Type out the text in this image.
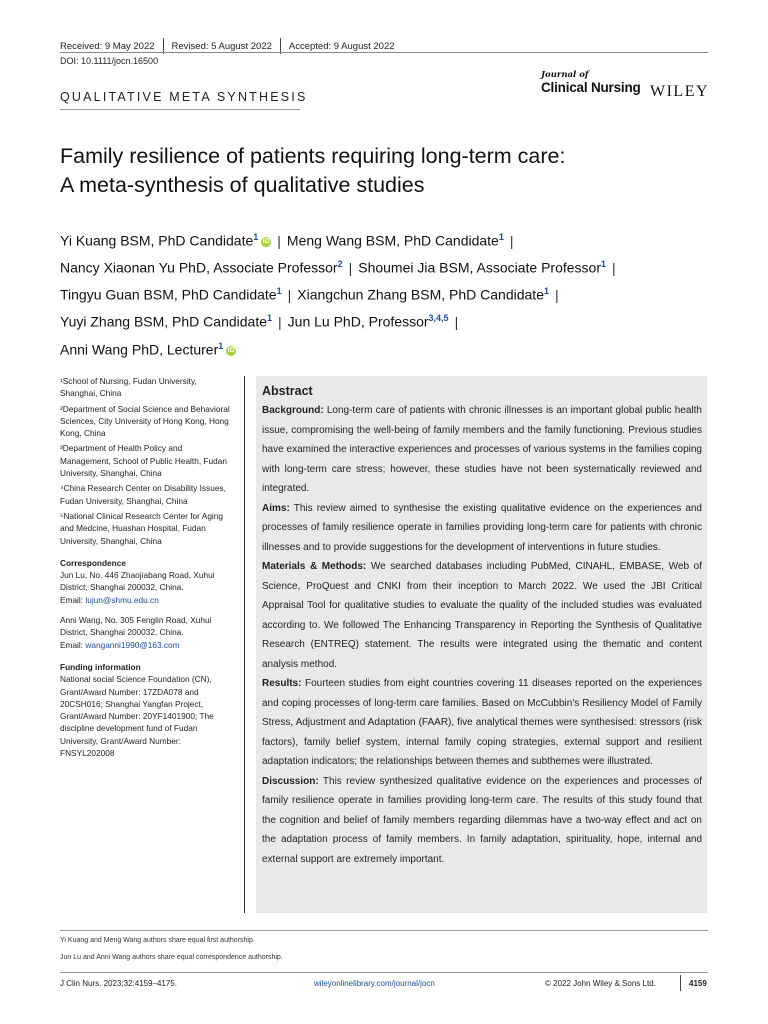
Received: 9 May 2022 Revised: 5 August 2022 Accepted: 9 August 2022
DOI: 10.1111/jocn.16500
QUALITATIVE META SYNTHESIS
Journal of
Clinical Nursing WILEY
Family resilience of patients requiring long-term care:
A meta-synthesis of qualitative studies
Yi Kuang BSM, PhD Candidate$^1$ iD | Meng Wang BSM, PhD Candidate$^1$ |
Nancy Xiaonan Yu PhD, Associate Professor$^2$ | Shoumei Jia BSM, Associate Professor$^1$ |
Tingyu Guan BSM, PhD Candidate$^1$ | Xiangchun Zhang BSM, PhD Candidate$^1$ |
Yuyi Zhang BSM, PhD Candidate$^1$ | Jun Lu PhD, Professor$^{3,4,5}$ |
Anni Wang PhD, Lecturer$^1$ iD
¹School of Nursing, Fudan University, Shanghai, China
²Department of Social Science and Behavioral Sciences, City University of Hong Kong, Hong Kong, China
³Department of Health Policy and Management, School of Public Health, Fudan University, Shanghai, China
⁴China Research Center on Disability Issues, Fudan University, Shanghai, China
⁵National Clinical Research Center for Aging and Medcine, Huashan Hospital, Fudan University, Shanghai, China
Correspondence
Jun Lu, No. 446 Zhaojiabang Road, Xuhui District, Shanghai 200032, China.
Email: lujun@shmu.edu.cn
Anni Wang, No. 305 Fenglin Road, Xuhui District, Shanghai 200032, China.
Email: wanganni1990@163.com
Funding information
National social Science Foundation (CN), Grant/Award Number: 17ZDA078 and 20CSH016; Shanghai Yangfan Project, Grant/Award Number: 20YF1401900; The discipline development fund of Fudan University, Grant/Award Number: FNSYL202008
Abstract
Background: Long-term care of patients with chronic illnesses is an important global public health issue, compromising the well-being of family members and the family functioning. Previous studies have examined the interactive experiences and processes of various systems in the families coping with long-term care stress; however, these studies have not been systematically reviewed and integrated.
Aims: This review aimed to synthesise the existing qualitative evidence on the experiences and processes of family resilience operate in families providing long-term care for patients with chronic illnesses and to provide suggestions for the development of interventions in future studies.
Materials & Methods: We searched databases including PubMed, CINAHL, EMBASE, Web of Science, ProQuest and CNKI from their inception to March 2022. We used the JBI Critical Appraisal Tool for qualitative studies to evaluate the quality of the included studies was evaluated according to. We followed The Enhancing Transparency in Reporting the Synthesis of Qualitative Research (ENTREQ) statement. The results were integrated using the thematic and content analysis method.
Results: Fourteen studies from eight countries covering 11 diseases reported on the experiences and coping processes of long-term care families. Based on McCubbin's Resiliency Model of Family Stress, Adjustment and Adaptation (FAAR), five analytical themes were synthesised: stressors (risk factors), family belief system, internal family coping strategies, external support and resilient adaptation indicators; the relationships between themes and subthemes were illustrated.
Discussion: This review synthesized qualitative evidence on the experiences and processes of family resilience operate in families providing long-term care. The results of this study found that the cognition and belief of family members regarding dilemmas have a two-way effect and act on the adaptation process of family members. In family adaptation, spirituality, hope, internal and external support are extremely important.
Yi Kuang and Meng Wang authors share equal first authorship.
Jun Lu and Anni Wang authors share equal correspondence authorship.
J Clin Nurs. 2023;32:4159–4175.	wileyonlinelibrary.com/journal/jocn	© 2022 John Wiley & Sons Ltd.	4159
